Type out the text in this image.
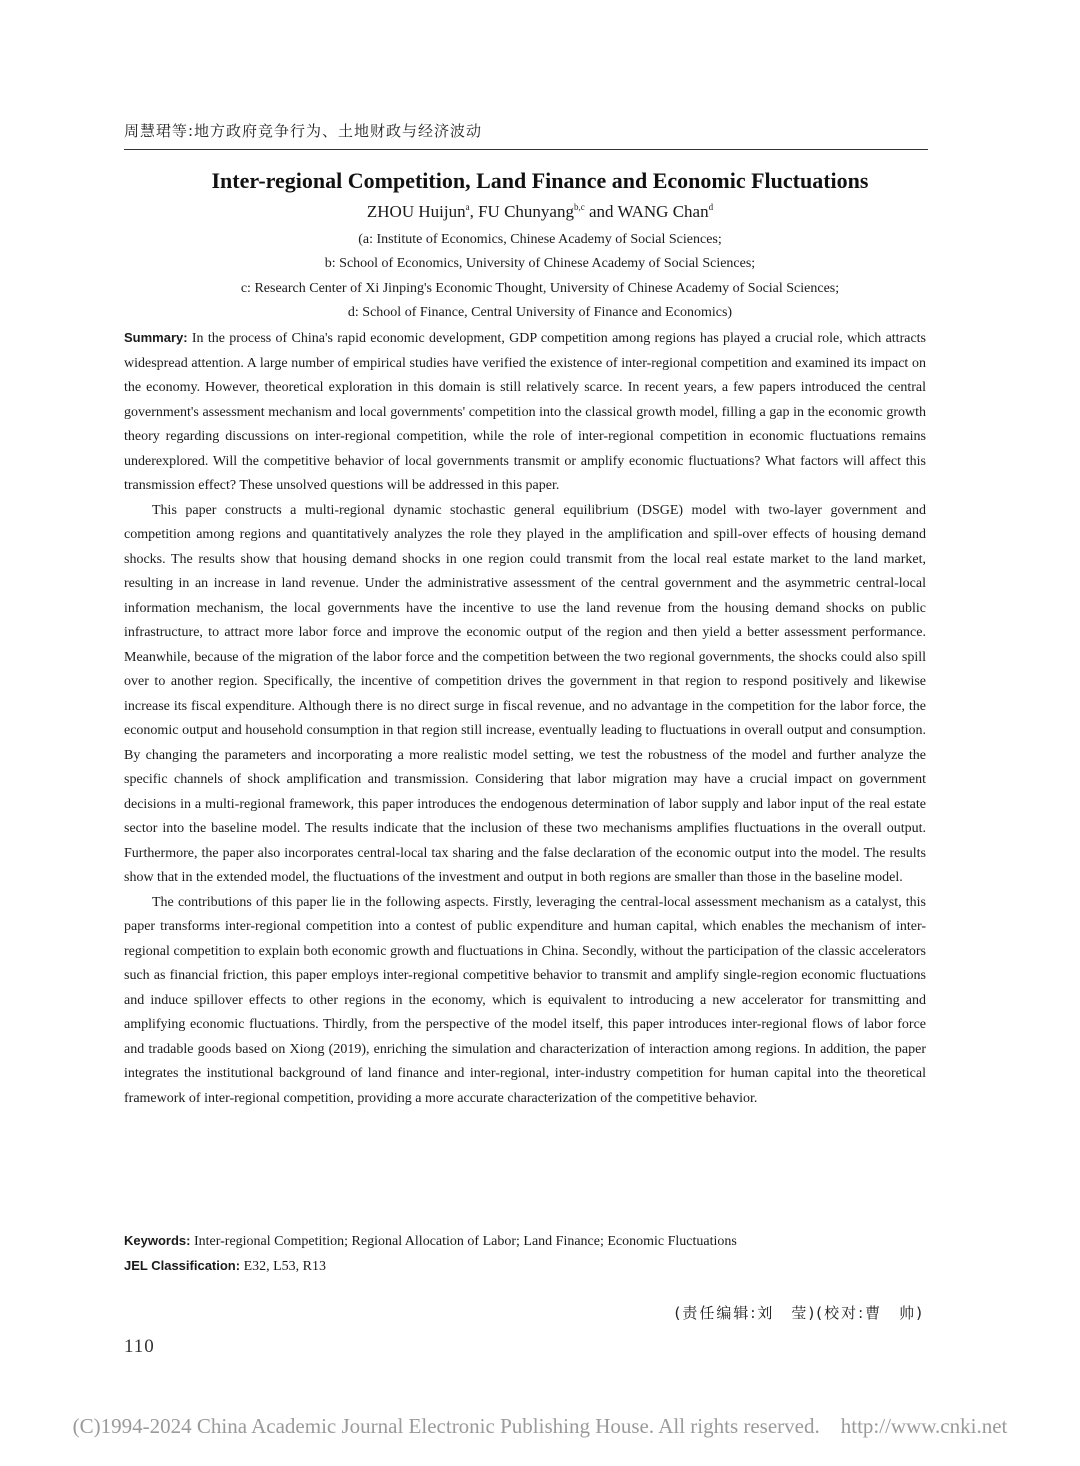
周慧珺等:地方政府竞争行为、土地财政与经济波动
Inter-regional Competition, Land Finance and Economic Fluctuations
ZHOU Huijun$^a$, FU Chunyang$^{b,c}$ and WANG Chan$^d$
(a: Institute of Economics, Chinese Academy of Social Sciences;
b: School of Economics, University of Chinese Academy of Social Sciences;
c: Research Center of Xi Jinping's Economic Thought, University of Chinese Academy of Social Sciences;
d: School of Finance, Central University of Finance and Economics)

Summary: In the process of China's rapid economic development, GDP competition among regions has played a crucial role, which attracts widespread attention. A large number of empirical studies have verified the existence of inter-regional competition and examined its impact on the economy. However, theoretical exploration in this domain is still relatively scarce. In recent years, a few papers introduced the central government's assessment mechanism and local governments' competition into the classical growth model, filling a gap in the economic growth theory regarding discussions on inter-regional competition, while the role of inter-regional competition in economic fluctuations remains underexplored. Will the competitive behavior of local governments transmit or amplify economic fluctuations? What factors will affect this transmission effect? These unsolved questions will be addressed in this paper.

This paper constructs a multi-regional dynamic stochastic general equilibrium (DSGE) model with two-layer government and competition among regions and quantitatively analyzes the role they played in the amplification and spill-over effects of housing demand shocks. The results show that housing demand shocks in one region could transmit from the local real estate market to the land market, resulting in an increase in land revenue. Under the administrative assessment of the central government and the asymmetric central-local information mechanism, the local governments have the incentive to use the land revenue from the housing demand shocks on public infrastructure, to attract more labor force and improve the economic output of the region and then yield a better assessment performance. Meanwhile, because of the migration of the labor force and the competition between the two regional governments, the shocks could also spill over to another region. Specifically, the incentive of competition drives the government in that region to respond positively and likewise increase its fiscal expenditure. Although there is no direct surge in fiscal revenue, and no advantage in the competition for the labor force, the economic output and household consumption in that region still increase, eventually leading to fluctuations in overall output and consumption. By changing the parameters and incorporating a more realistic model setting, we test the robustness of the model and further analyze the specific channels of shock amplification and transmission. Considering that labor migration may have a crucial impact on government decisions in a multi-regional framework, this paper introduces the endogenous determination of labor supply and labor input of the real estate sector into the baseline model. The results indicate that the inclusion of these two mechanisms amplifies fluctuations in the overall output. Furthermore, the paper also incorporates central-local tax sharing and the false declaration of the economic output into the model. The results show that in the extended model, the fluctuations of the investment and output in both regions are smaller than those in the baseline model.

The contributions of this paper lie in the following aspects. Firstly, leveraging the central-local assessment mechanism as a catalyst, this paper transforms inter-regional competition into a contest of public expenditure and human capital, which enables the mechanism of inter-regional competition to explain both economic growth and fluctuations in China. Secondly, without the participation of the classic accelerators such as financial friction, this paper employs inter-regional competitive behavior to transmit and amplify single-region economic fluctuations and induce spillover effects to other regions in the economy, which is equivalent to introducing a new accelerator for transmitting and amplifying economic fluctuations. Thirdly, from the perspective of the model itself, this paper introduces inter-regional flows of labor force and tradable goods based on Xiong (2019), enriching the simulation and characterization of interaction among regions. In addition, the paper integrates the institutional background of land finance and inter-regional, inter-industry competition for human capital into the theoretical framework of inter-regional competition, providing a more accurate characterization of the competitive behavior.

Keywords: Inter-regional Competition; Regional Allocation of Labor; Land Finance; Economic Fluctuations
JEL Classification: E32, L53, R13
(责任编辑:刘　莹)(校对:曹　帅)
110
(C)1994-2024 China Academic Journal Electronic Publishing House. All rights reserved.　http://www.cnki.net
